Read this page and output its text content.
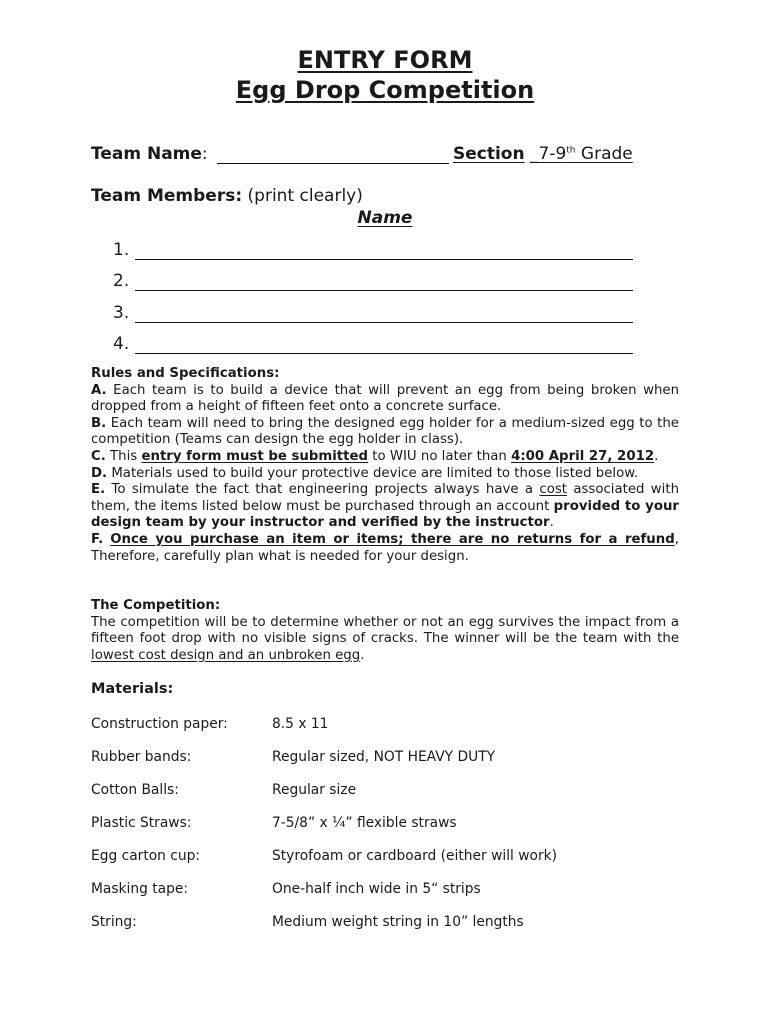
ENTRY FORM
Egg Drop Competition
Team Name:	Section _7-9th Grade
Team Members: (print clearly)
Name
1.
2.
3.
4.

Rules and Specifications:

A. Each team is to build a device that will prevent an egg from being broken when dropped from a height of fifteen feet onto a concrete surface.

B. Each team will need to bring the designed egg holder for a medium-sized egg to the competition (Teams can design the egg holder in class).

C. This entry form must be submitted to WIU no later than 4:00 April 27, 2012.

D. Materials used to build your protective device are limited to those listed below.

E. To simulate the fact that engineering projects always have a cost associated with them, the items listed below must be purchased through an account provided to your design team by your instructor and verified by the instructor.

F. Once you purchase an item or items; there are no returns for a refund, Therefore, carefully plan what is needed for your design.

The Competition:

The competition will be to determine whether or not an egg survives the impact from a fifteen foot drop with no visible signs of cracks. The winner will be the team with the lowest cost design and an unbroken egg.

Materials:
Construction paper:	8.5 x 11
Rubber bands:	Regular sized, NOT HEAVY DUTY
Cotton Balls:	Regular size
Plastic Straws:	7-5/8” x ¼” flexible straws
Egg carton cup:	Styrofoam or cardboard (either will work)
Masking tape:	One-half inch wide in 5“ strips
String:	Medium weight string in 10” lengths
